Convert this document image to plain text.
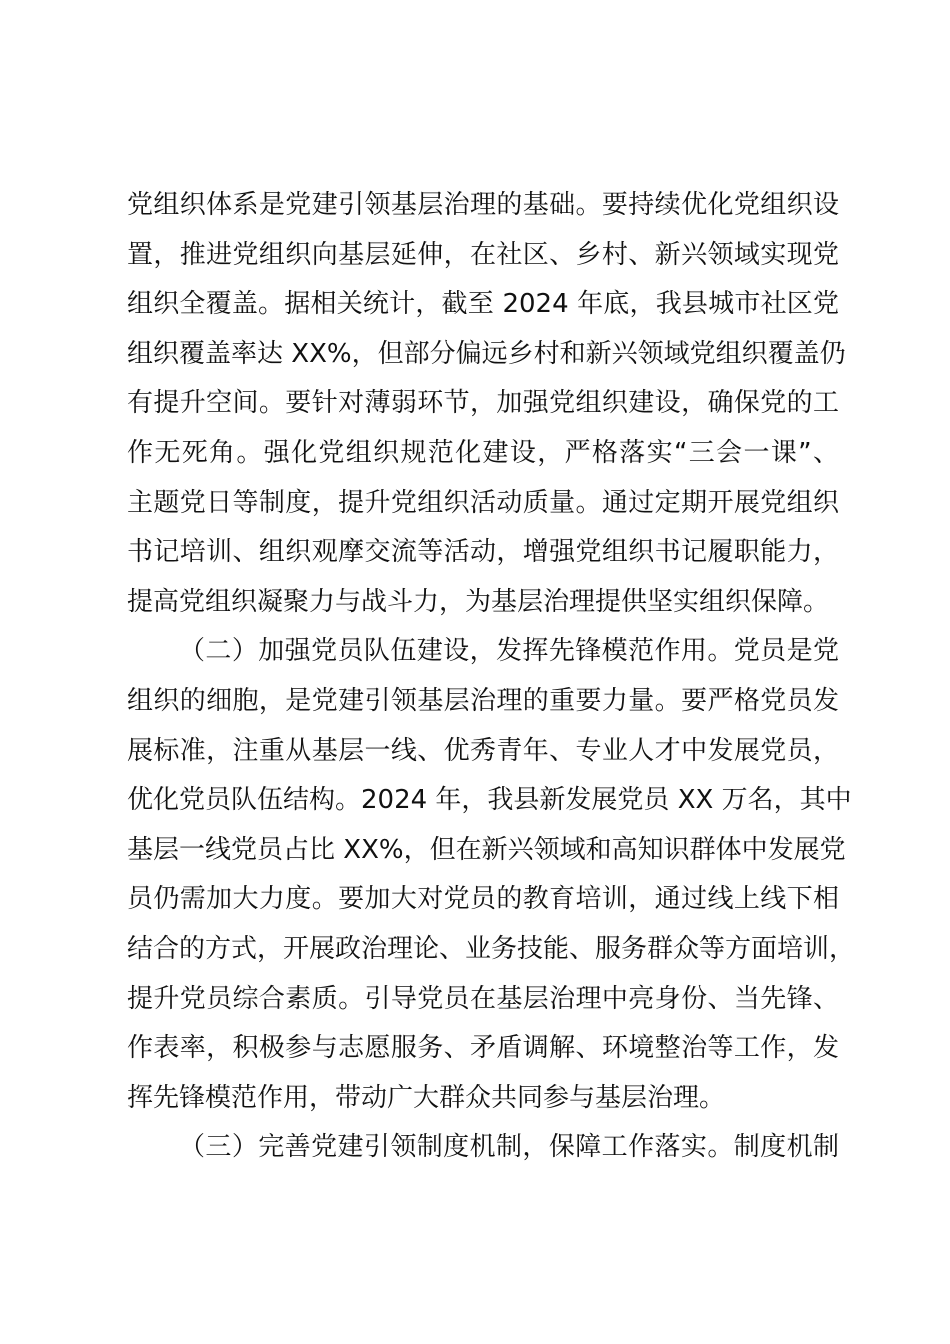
党组织体系是党建引领基层治理的基础。要持续优化党组织设
置，推进党组织向基层延伸，在社区、乡村、新兴领域实现党
组织全覆盖。据相关统计，截至 2024 年底，我县城市社区党
组织覆盖率达 XX%，但部分偏远乡村和新兴领域党组织覆盖仍
有提升空间。要针对薄弱环节，加强党组织建设，确保党的工
作无死角。强化党组织规范化建设，严格落实“三会一课”、
主题党日等制度，提升党组织活动质量。通过定期开展党组织
书记培训、组织观摩交流等活动，增强党组织书记履职能力，
提高党组织凝聚力与战斗力，为基层治理提供坚实组织保障。
（二）加强党员队伍建设，发挥先锋模范作用。党员是党
组织的细胞，是党建引领基层治理的重要力量。要严格党员发
展标准，注重从基层一线、优秀青年、专业人才中发展党员，
优化党员队伍结构。2024 年，我县新发展党员 XX 万名，其中
基层一线党员占比 XX%，但在新兴领域和高知识群体中发展党
员仍需加大力度。要加大对党员的教育培训，通过线上线下相
结合的方式，开展政治理论、业务技能、服务群众等方面培训，
提升党员综合素质。引导党员在基层治理中亮身份、当先锋、
作表率，积极参与志愿服务、矛盾调解、环境整治等工作，发
挥先锋模范作用，带动广大群众共同参与基层治理。
（三）完善党建引领制度机制，保障工作落实。制度机制
